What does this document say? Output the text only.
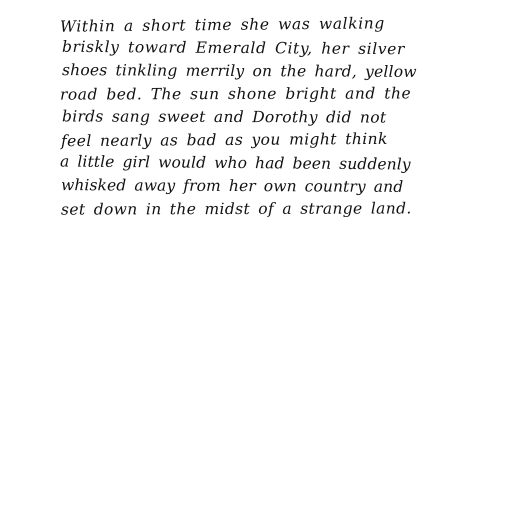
Within a short time she was walking
briskly toward Emerald City, her silver
shoes tinkling merrily on the hard, yellow
road bed. The sun shone bright and the
birds sang sweet and Dorothy did not
feel nearly as bad as you might think
a little girl would who had been suddenly
whisked away from her own country and
set down in the midst of a strange land.
